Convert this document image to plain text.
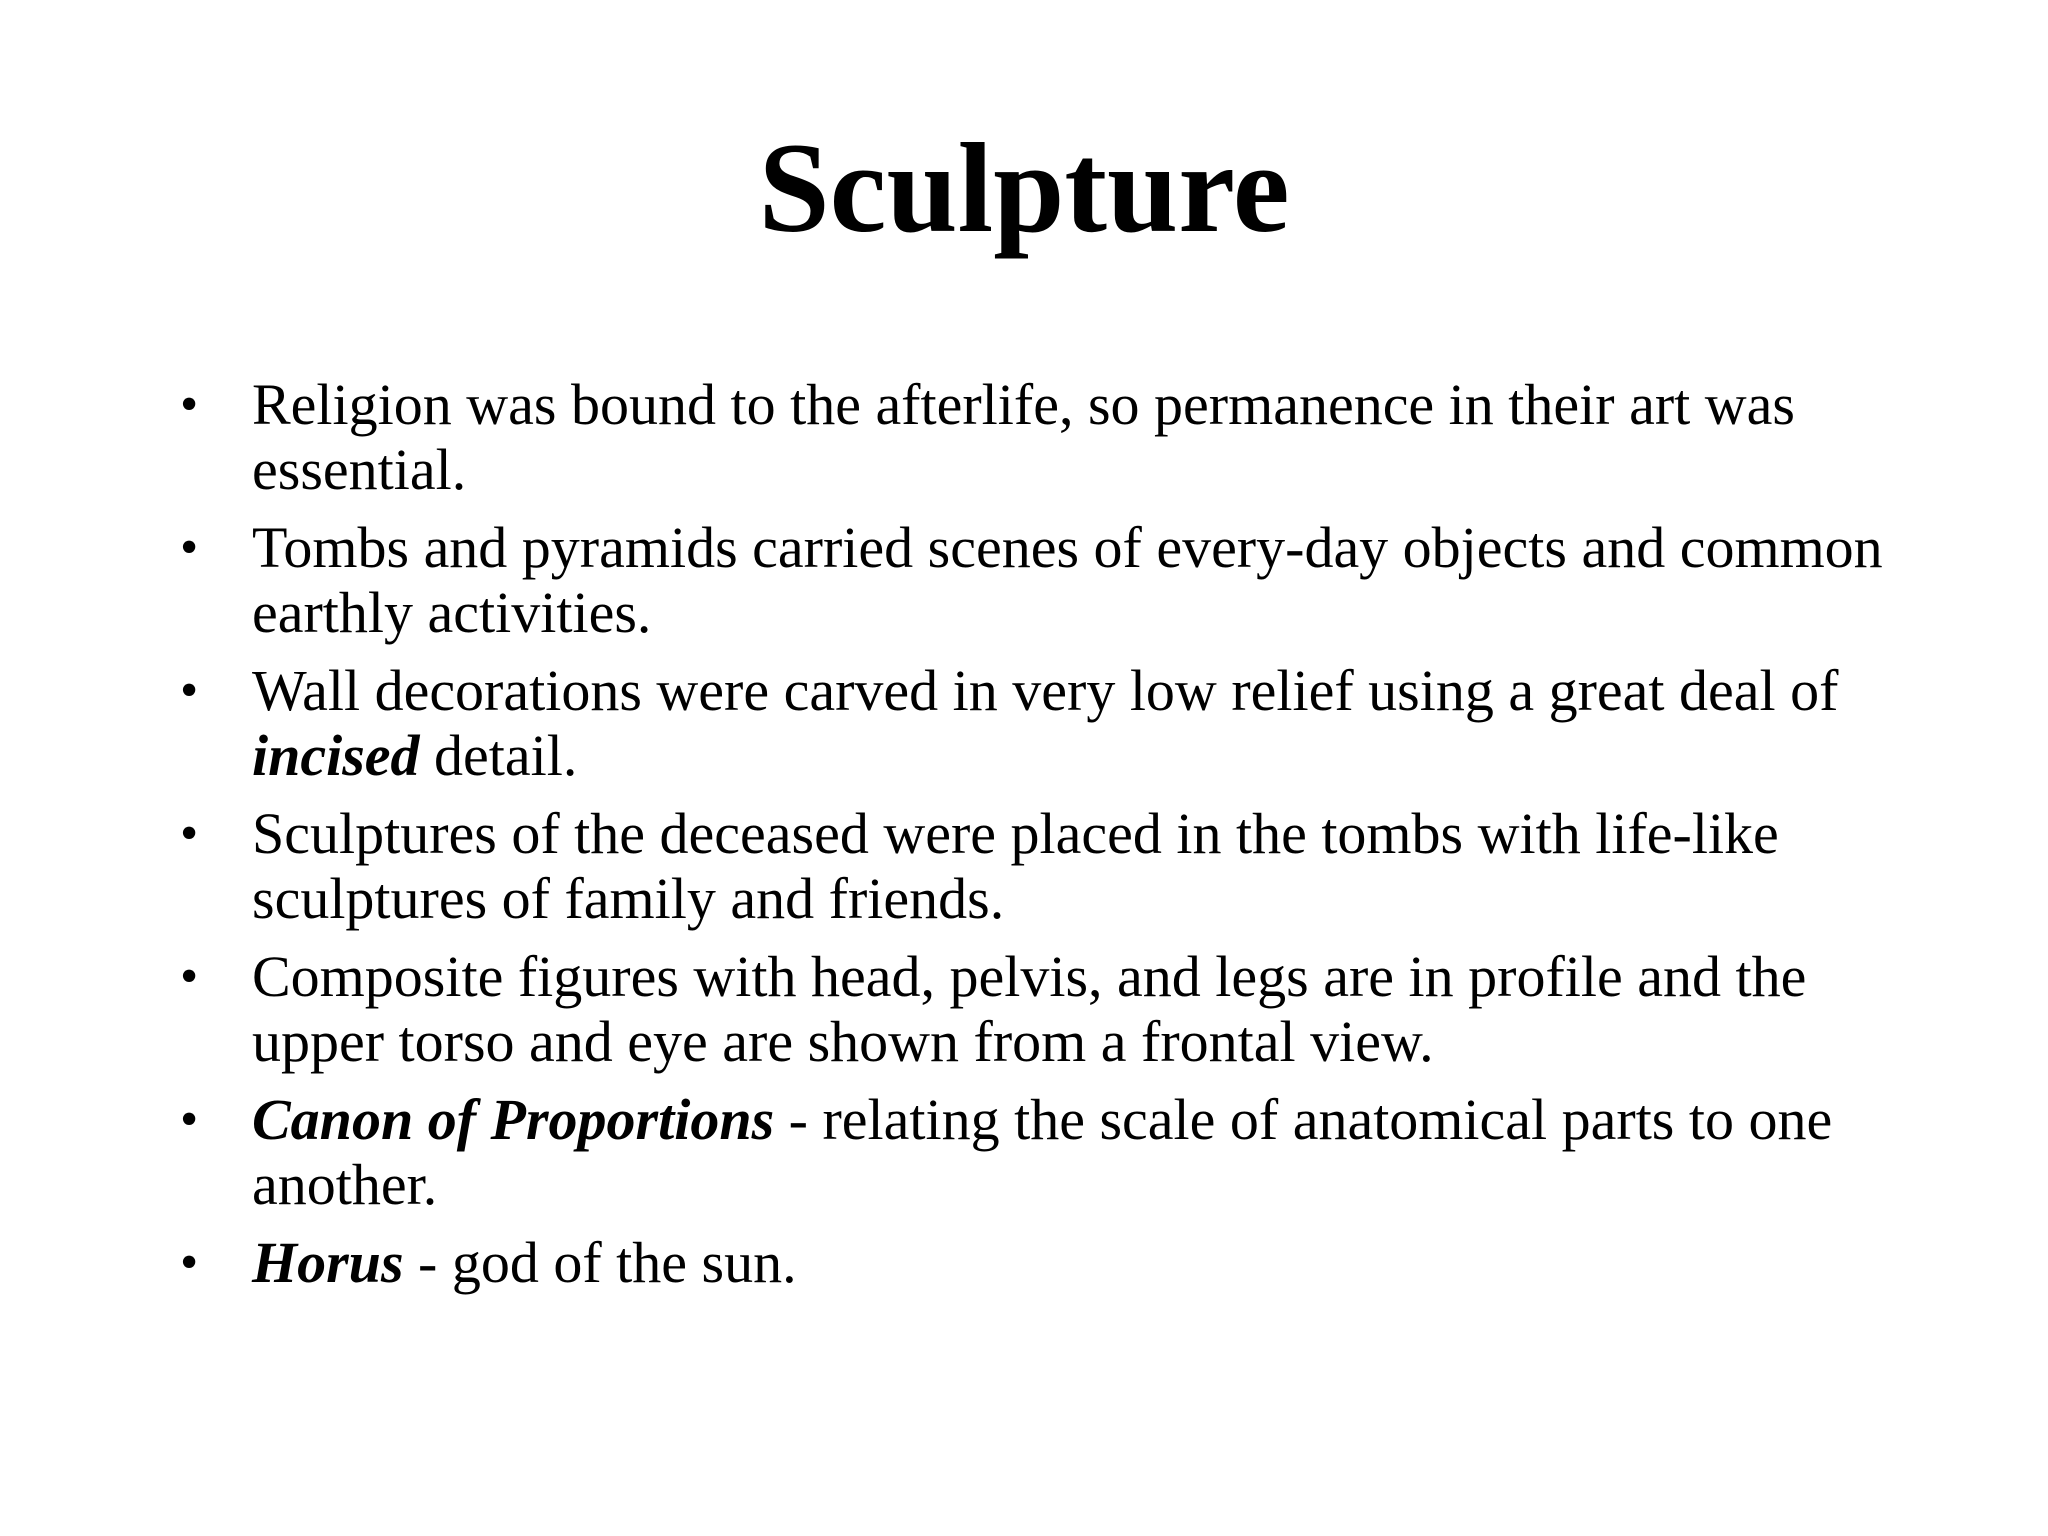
Sculpture
• Religion was bound to the afterlife, so permanence in their art was essential.
• Tombs and pyramids carried scenes of every-day objects and common earthly activities.
• Wall decorations were carved in very low relief using a great deal of incised detail.
• Sculptures of the deceased were placed in the tombs with life-like sculptures of family and friends.
• Composite figures with head, pelvis, and legs are in profile and the upper torso and eye are shown from a frontal view.
• Canon of Proportions - relating the scale of anatomical parts to one another.
• Horus - god of the sun.
